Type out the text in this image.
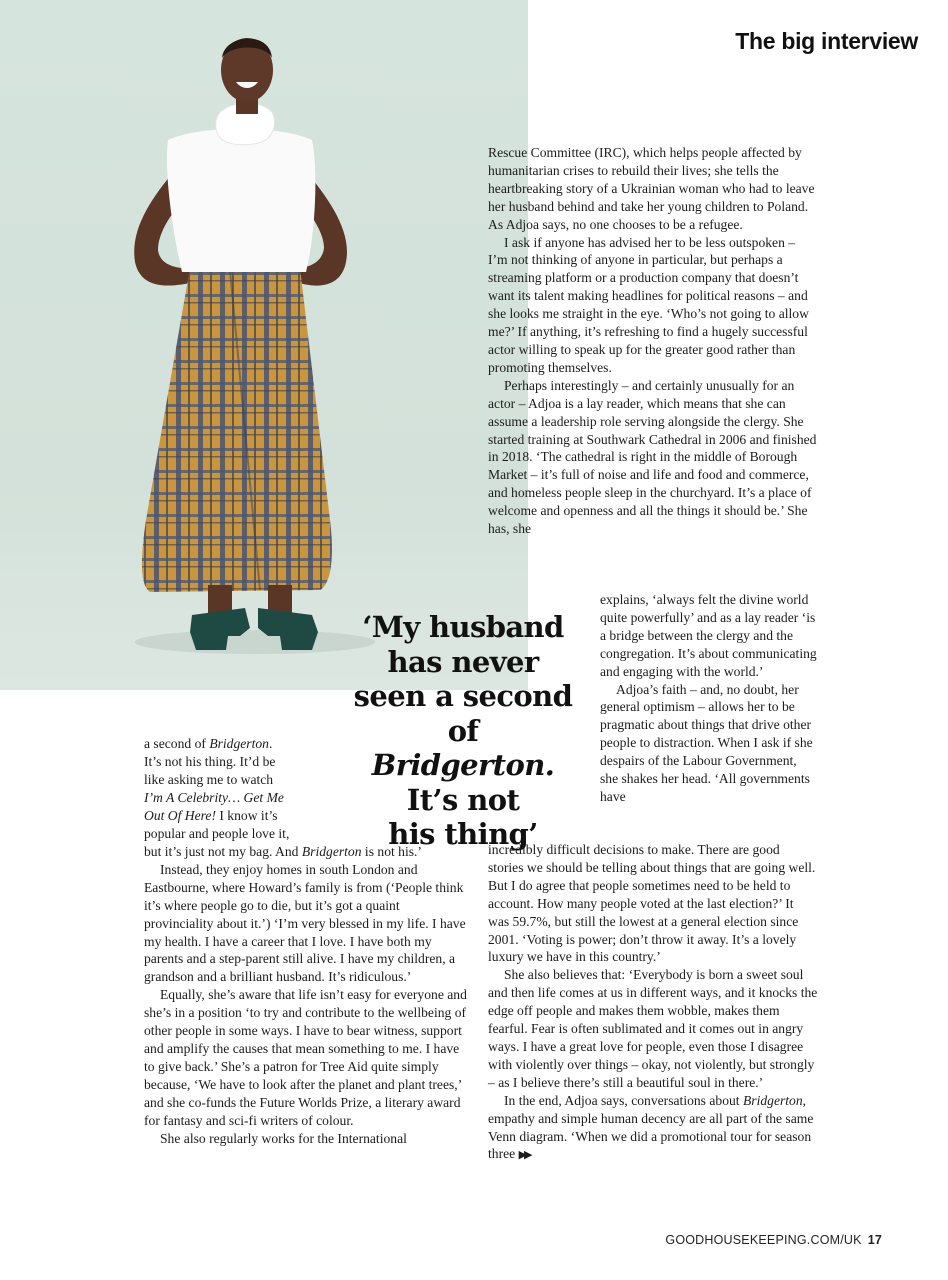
The big interview
‘My husband
has never
seen a second
of Bridgerton.
It’s not
his thing’

a second of Bridgerton.

It’s not his thing. It’d be

like asking me to watch

I’m A Celebrity… Get Me

Out Of Here! I know it’s

popular and people love it,

but it’s just not my bag. And Bridgerton is not his.’

Instead, they enjoy homes in south London and Eastbourne, where Howard’s family is from (‘People think it’s where people go to die, but it’s got a quaint provinciality about it.’) ‘I’m very blessed in my life. I have my health. I have a career that I love. I have both my parents and a step-parent still alive. I have my children, a grandson and a brilliant husband. It’s ridiculous.’

Equally, she’s aware that life isn’t easy for everyone and she’s in a position ‘to try and contribute to the wellbeing of other people in some ways. I have to bear witness, support and amplify the causes that mean something to me. I have to give back.’ She’s a patron for Tree Aid quite simply because, ‘We have to look after the planet and plant trees,’ and she co-funds the Future Worlds Prize, a literary award for fantasy and sci-fi writers of colour.

She also regularly works for the International

Rescue Committee (IRC), which helps people affected by humanitarian crises to rebuild their lives; she tells the heartbreaking story of a Ukrainian woman who had to leave her husband behind and take her young children to Poland. As Adjoa says, no one chooses to be a refugee.

I ask if anyone has advised her to be less outspoken – I’m not thinking of anyone in particular, but perhaps a streaming platform or a production company that doesn’t want its talent making headlines for political reasons – and she looks me straight in the eye. ‘Who’s not going to allow me?’ If anything, it’s refreshing to find a hugely successful actor willing to speak up for the greater good rather than promoting themselves.

Perhaps interestingly – and certainly unusually for an actor – Adjoa is a lay reader, which means that she can assume a leadership role serving alongside the clergy. She started training at Southwark Cathedral in 2006 and finished in 2018. ‘The cathedral is right in the middle of Borough Market – it’s full of noise and life and food and commerce, and homeless people sleep in the churchyard. It’s a place of welcome and openness and all the things it should be.’ She has, she

explains, ‘always felt the divine world quite powerfully’ and as a lay reader ‘is a bridge between the clergy and the congregation. It’s about communicating and engaging with the world.’

Adjoa’s faith – and, no doubt, her general optimism – allows her to be pragmatic about things that drive other people to distraction. When I ask if she despairs of the Labour Government, she shakes her head. ‘All governments have

incredibly difficult decisions to make. There are good stories we should be telling about things that are going well. But I do agree that people sometimes need to be held to account. How many people voted at the last election?’ It was 59.7%, but still the lowest at a general election since 2001. ‘Voting is power; don’t throw it away. It’s a lovely luxury we have in this country.’

She also believes that: ‘Everybody is born a sweet soul and then life comes at us in different ways, and it knocks the edge off people and makes them wobble, makes them fearful. Fear is often sublimated and it comes out in angry ways. I have a great love for people, even those I disagree with violently over things – okay, not violently, but strongly – as I believe there’s still a beautiful soul in there.’

In the end, Adjoa says, conversations about Bridgerton, empathy and simple human decency are all part of the same Venn diagram. ‘When we did a promotional tour for season three ▶▶

GOODHOUSEKEEPING.COM/UK 17
